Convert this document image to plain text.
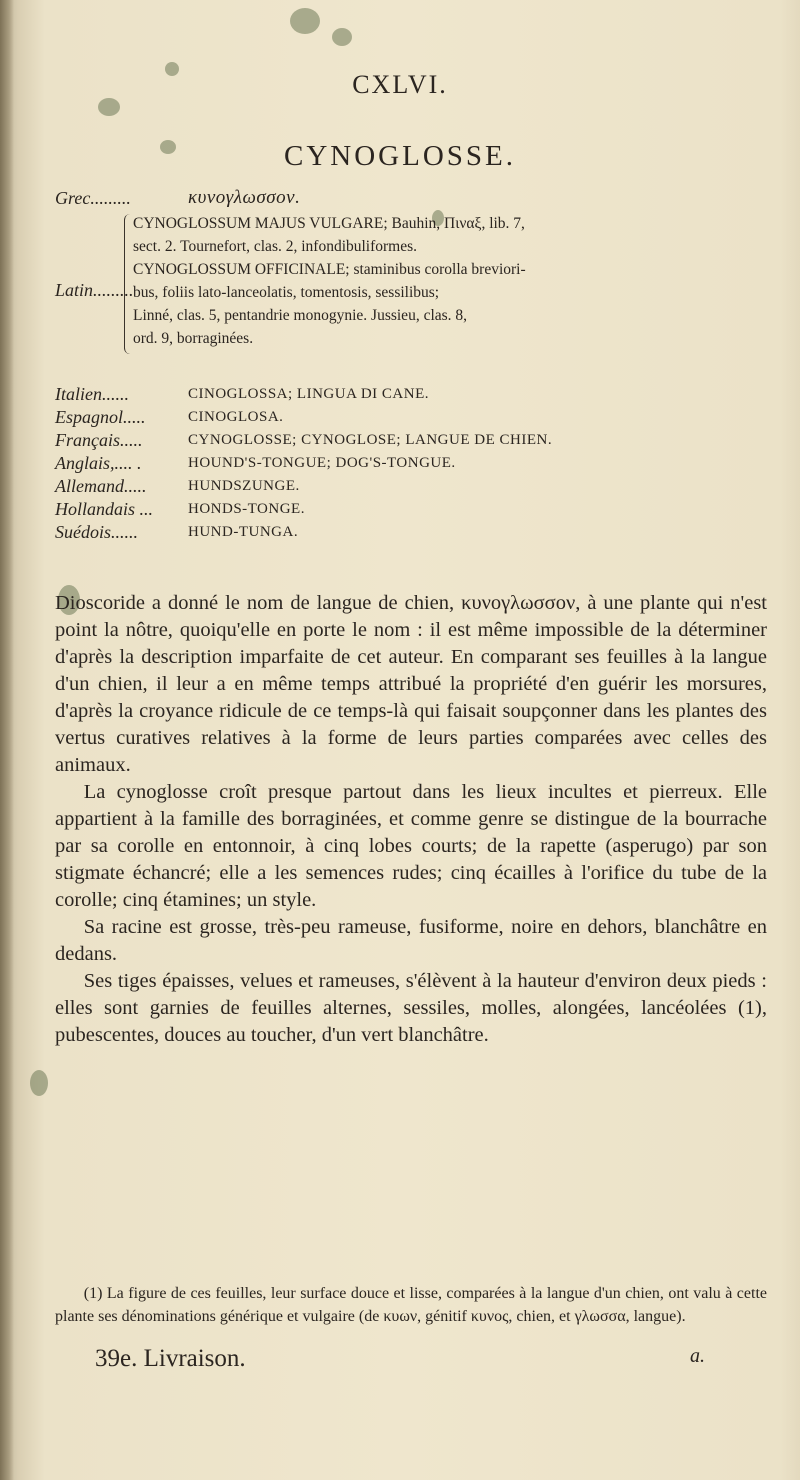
CXLVI.
CYNOGLOSSE.
Grec.........	κυνογλωσσον.
Latin.........
CYNOGLOSSUM MAJUS VULGARE; Bauhin, Πιναξ, lib. 7,
sect. 2. Tournefort, clas. 2, infondibuliformes.
CYNOGLOSSUM OFFICINALE; staminibus corolla breviori-
bus, foliis lato-lanceolatis, tomentosis, sessilibus;
Linné, clas. 5, pentandrie monogynie. Jussieu, clas. 8,
ord. 9, borraginées.
Italien......	CINOGLOSSA; LINGUA DI CANE.
Espagnol.....	CINOGLOSA.
Français.....	CYNOGLOSSE; CYNOGLOSE; LANGUE DE CHIEN.
Anglais,.... .	HOUND'S-TONGUE; DOG'S-TONGUE.
Allemand.....	HUNDSZUNGE.
Hollandais ... HONDS-TONGE.
Suédois......	HUND-TUNGA.

Dioscoride a donné le nom de langue de chien, κυνογλωσσον, à une plante qui n'est point la nôtre, quoiqu'elle en porte le nom : il est même impossible de la déterminer d'après la description imparfaite de cet auteur. En comparant ses feuilles à la langue d'un chien, il leur a en même temps attribué la propriété d'en guérir les morsures, d'après la croyance ridicule de ce temps-là qui faisait soupçonner dans les plantes des vertus curatives relatives à la forme de leurs parties comparées avec celles des animaux.

La cynoglosse croît presque partout dans les lieux incultes et pierreux. Elle appartient à la famille des borraginées, et comme genre se distingue de la bourrache par sa corolle en entonnoir, à cinq lobes courts; de la rapette (asperugo) par son stigmate échancré; elle a les semences rudes; cinq écailles à l'orifice du tube de la corolle; cinq étamines; un style.

Sa racine est grosse, très-peu rameuse, fusiforme, noire en dehors, blanchâtre en dedans.

Ses tiges épaisses, velues et rameuses, s'élèvent à la hauteur d'environ deux pieds : elles sont garnies de feuilles alternes, sessiles, molles, alongées, lancéolées (1), pubescentes, douces au toucher, d'un vert blanchâtre.

(1) La figure de ces feuilles, leur surface douce et lisse, comparées à la langue d'un chien, ont valu à cette plante ses dénominations générique et vulgaire (de κυων, génitif κυνος, chien, et γλωσσα, langue).

39e. Livraison.	a.
